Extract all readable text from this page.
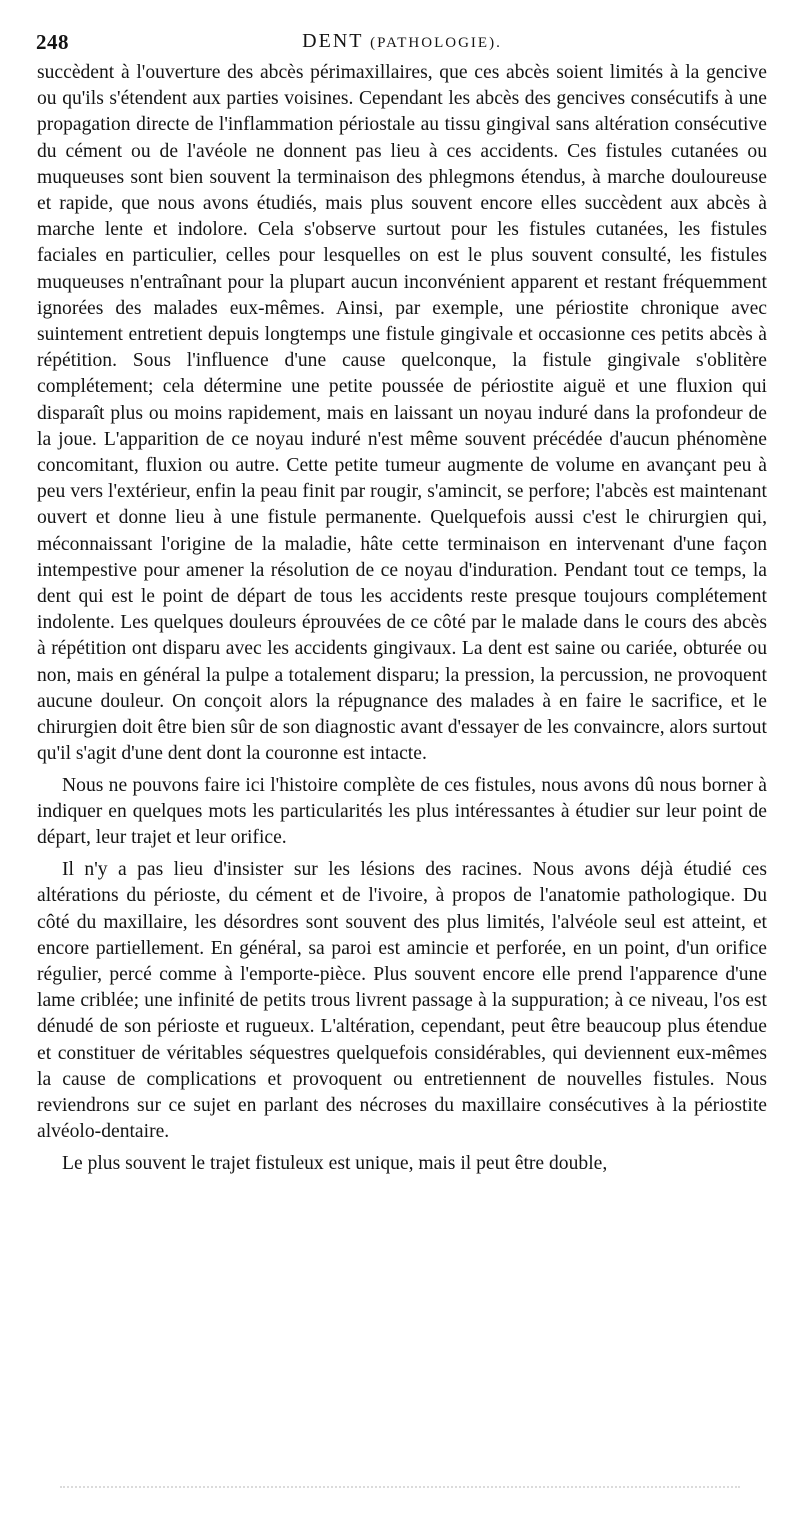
248	DENT (PATHOLOGIE).

succèdent à l'ouverture des abcès périmaxillaires, que ces abcès soient limités à la gencive ou qu'ils s'étendent aux parties voisines. Cependant les abcès des gencives consécutifs à une propagation directe de l'inflammation périostale au tissu gingival sans altération consécutive du cément ou de l'avéole ne donnent pas lieu à ces accidents. Ces fistules cutanées ou muqueuses sont bien souvent la terminaison des phlegmons étendus, à marche douloureuse et rapide, que nous avons étudiés, mais plus souvent encore elles succèdent aux abcès à marche lente et indolore. Cela s'observe surtout pour les fistules cutanées, les fistules faciales en particulier, celles pour lesquelles on est le plus souvent consulté, les fistules muqueuses n'entraînant pour la plupart aucun inconvénient apparent et restant fréquemment ignorées des malades eux-mêmes. Ainsi, par exemple, une périostite chronique avec suintement entretient depuis longtemps une fistule gingivale et occasionne ces petits abcès à répétition. Sous l'influence d'une cause quelconque, la fistule gingivale s'oblitère complétement; cela détermine une petite poussée de périostite aiguë et une fluxion qui disparaît plus ou moins rapidement, mais en laissant un noyau induré dans la profondeur de la joue. L'apparition de ce noyau induré n'est même souvent précédée d'aucun phénomène concomitant, fluxion ou autre. Cette petite tumeur augmente de volume en avançant peu à peu vers l'extérieur, enfin la peau finit par rougir, s'amincit, se perfore; l'abcès est maintenant ouvert et donne lieu à une fistule permanente. Quelquefois aussi c'est le chirurgien qui, méconnaissant l'origine de la maladie, hâte cette terminaison en intervenant d'une façon intempestive pour amener la résolution de ce noyau d'induration. Pendant tout ce temps, la dent qui est le point de départ de tous les accidents reste presque toujours complétement indolente. Les quelques douleurs éprouvées de ce côté par le malade dans le cours des abcès à répétition ont disparu avec les accidents gingivaux. La dent est saine ou cariée, obturée ou non, mais en général la pulpe a totalement disparu; la pression, la percussion, ne provoquent aucune douleur. On conçoit alors la répugnance des malades à en faire le sacrifice, et le chirurgien doit être bien sûr de son diagnostic avant d'essayer de les convaincre, alors surtout qu'il s'agit d'une dent dont la couronne est intacte.

Nous ne pouvons faire ici l'histoire complète de ces fistules, nous avons dû nous borner à indiquer en quelques mots les particularités les plus intéressantes à étudier sur leur point de départ, leur trajet et leur orifice.

Il n'y a pas lieu d'insister sur les lésions des racines. Nous avons déjà étudié ces altérations du périoste, du cément et de l'ivoire, à propos de l'anatomie pathologique. Du côté du maxillaire, les désordres sont souvent des plus limités, l'alvéole seul est atteint, et encore partiellement. En général, sa paroi est amincie et perforée, en un point, d'un orifice régulier, percé comme à l'emporte-pièce. Plus souvent encore elle prend l'apparence d'une lame criblée; une infinité de petits trous livrent passage à la suppuration; à ce niveau, l'os est dénudé de son périoste et rugueux. L'altération, cependant, peut être beaucoup plus étendue et constituer de véritables séquestres quelquefois considérables, qui deviennent eux-mêmes la cause de complications et provoquent ou entretiennent de nouvelles fistules. Nous reviendrons sur ce sujet en parlant des nécroses du maxillaire consécutives à la périostite alvéolo-dentaire.

Le plus souvent le trajet fistuleux est unique, mais il peut être double,
